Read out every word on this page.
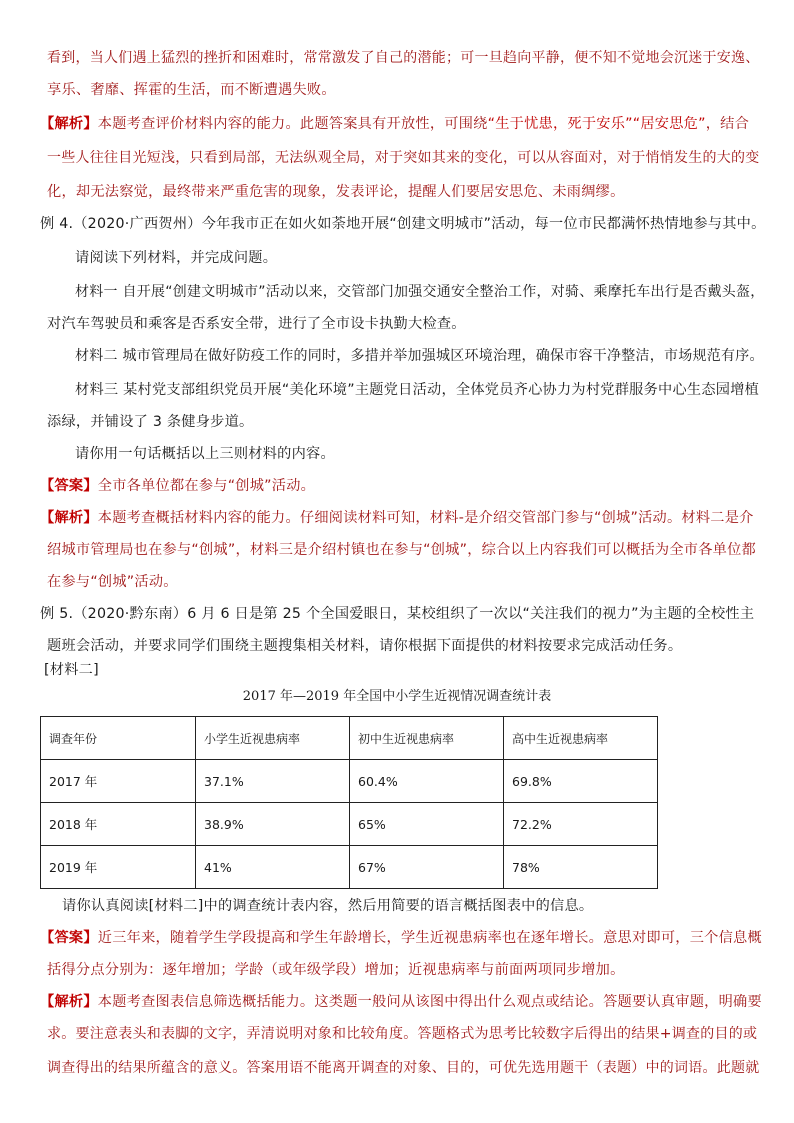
看到，当人们遇上猛烈的挫折和困难时，常常激发了自己的潜能；可一旦趋向平静，便不知不觉地会沉迷于安逸、
享乐、奢靡、挥霍的生活，而不断遭遇失败。
【解析】本题考查评价材料内容的能力。此题答案具有开放性，可围绕“生于忧患，死于安乐”“居安思危”，结合
一些人往往目光短浅，只看到局部，无法纵观全局，对于突如其来的变化，可以从容面对，对于悄悄发生的大的变
化，却无法察觉，最终带来严重危害的现象，发表评论，提醒人们要居安思危、未雨绸缪。
例 4.（2020·广西贺州）今年我市正在如火如荼地开展“创建文明城市”活动，每一位市民都满怀热情地参与其中。
请阅读下列材料，并完成问题。
材料一 自开展“创建文明城市”活动以来，交管部门加强交通安全整治工作，对骑、乘摩托车出行是否戴头盔，
对汽车驾驶员和乘客是否系安全带，进行了全市设卡执勤大检查。
材料二 城市管理局在做好防疫工作的同时，多措并举加强城区环境治理，确保市容干净整洁，市场规范有序。
材料三 某村党支部组织党员开展“美化环境”主题党日活动，全体党员齐心协力为村党群服务中心生态园增植
添绿，并铺设了 3 条健身步道。
请你用一句话概括以上三则材料的内容。
【答案】全市各单位都在参与“创城”活动。
【解析】本题考查概括材料内容的能力。仔细阅读材料可知，材料-是介绍交管部门参与“创城”活动。材料二是介
绍城市管理局也在参与“创城”，材料三是介绍村镇也在参与“创城”，综合以上内容我们可以概括为全市各单位都
在参与“创城”活动。
例 5.（2020·黔东南）6 月 6 日是第 25 个全国爱眼日，某校组织了一次以“关注我们的视力”为主题的全校性主
题班会活动，并要求同学们围绕主题搜集相关材料，请你根据下面提供的材料按要求完成活动任务。
[材料二]
2017 年—2019 年全国中小学生近视情况调查统计表
调查年份	小学生近视患病率	初中生近视患病率	高中生近视患病率
2017 年	37.1%	60.4%	69.8%
2018 年	38.9%	65%	72.2%
2019 年	41%	67%	78%
请你认真阅读[材料二]中的调查统计表内容，然后用简要的语言概括图表中的信息。
【答案】近三年来，随着学生学段提高和学生年龄增长，学生近视患病率也在逐年增长。意思对即可，三个信息概
括得分点分别为：逐年增加；学龄（或年级学段）增加；近视患病率与前面两项同步增加。
【解析】本题考查图表信息筛选概括能力。这类题一般问从该图中得出什么观点或结论。答题要认真审题，明确要
求。要注意表头和表脚的文字，弄清说明对象和比较角度。答题格式为思考比较数字后得出的结果+调查的目的或
调查得出的结果所蕴含的意义。答案用语不能离开调查的对象、目的，可优先选用题干（表题）中的词语。此题就
